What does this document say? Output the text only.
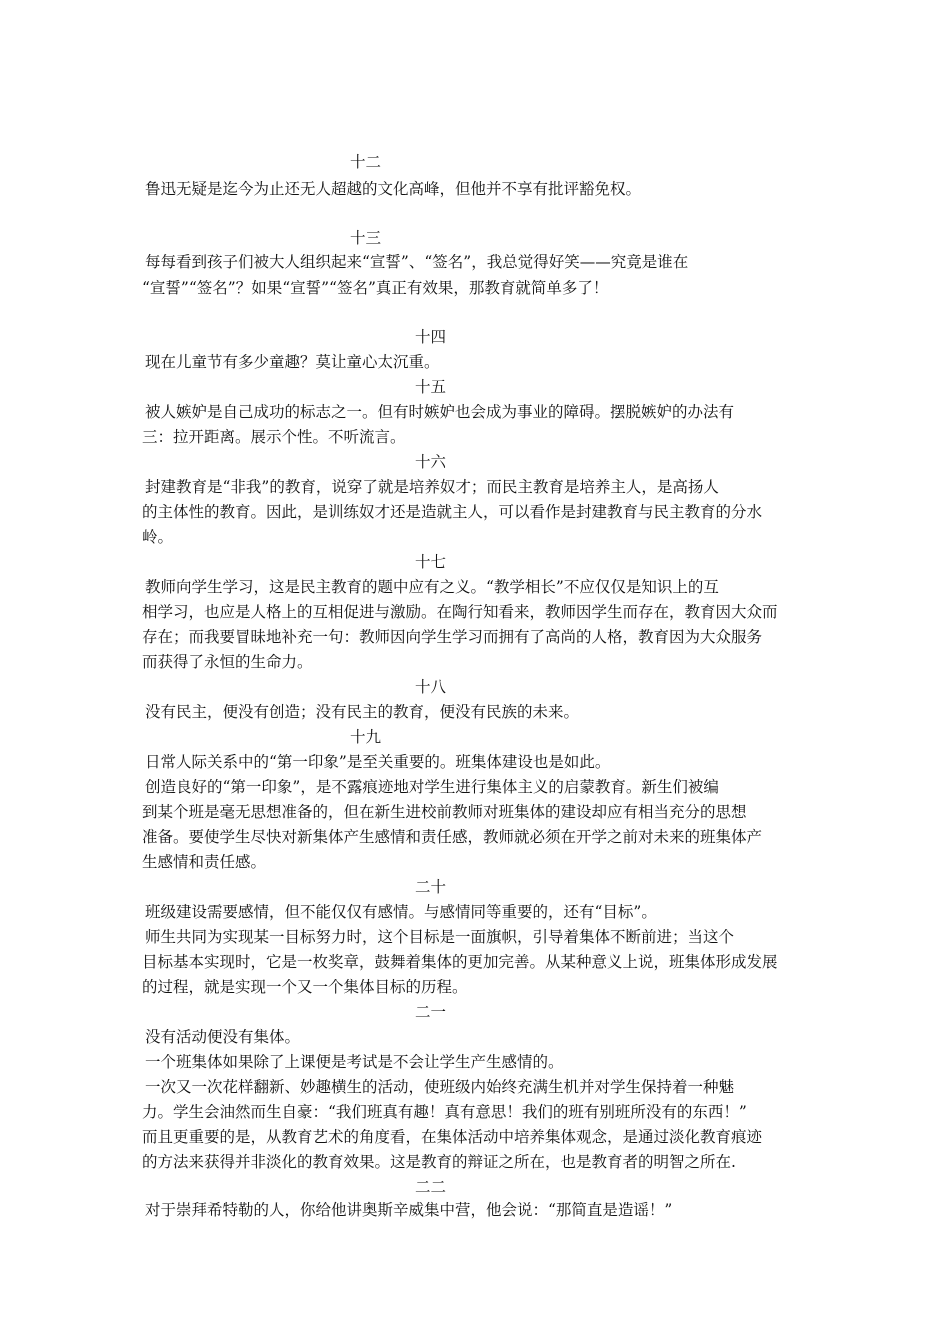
十二
鲁迅无疑是迄今为止还无人超越的文化高峰，但他并不享有批评豁免权。
十三
每每看到孩子们被大人组织起来“宣誓”、“签名”，我总觉得好笑——究竟是谁在
“宣誓”“签名”？如果“宣誓”“签名”真正有效果，那教育就简单多了！
十四
现在儿童节有多少童趣？莫让童心太沉重。
十五
被人嫉妒是自己成功的标志之一。但有时嫉妒也会成为事业的障碍。摆脱嫉妒的办法有
三：拉开距离。展示个性。不听流言。
十六
封建教育是“非我”的教育，说穿了就是培养奴才；而民主教育是培养主人，是高扬人
的主体性的教育。因此，是训练奴才还是造就主人，可以看作是封建教育与民主教育的分水
岭。
十七
教师向学生学习，这是民主教育的题中应有之义。“教学相长”不应仅仅是知识上的互
相学习，也应是人格上的互相促进与激励。在陶行知看来，教师因学生而存在，教育因大众而
存在；而我要冒昧地补充一句：教师因向学生学习而拥有了高尚的人格，教育因为大众服务
而获得了永恒的生命力。
十八
没有民主，便没有创造；没有民主的教育，便没有民族的未来。
十九
日常人际关系中的“第一印象”是至关重要的。班集体建设也是如此。
创造良好的“第一印象”，是不露痕迹地对学生进行集体主义的启蒙教育。新生们被编
到某个班是毫无思想准备的，但在新生进校前教师对班集体的建设却应有相当充分的思想
准备。要使学生尽快对新集体产生感情和责任感，教师就必须在开学之前对未来的班集体产
生感情和责任感。
二十
班级建设需要感情，但不能仅仅有感情。与感情同等重要的，还有“目标”。
师生共同为实现某一目标努力时，这个目标是一面旗帜，引导着集体不断前进；当这个
目标基本实现时，它是一枚奖章，鼓舞着集体的更加完善。从某种意义上说，班集体形成发展
的过程，就是实现一个又一个集体目标的历程。
二一
没有活动便没有集体。
一个班集体如果除了上课便是考试是不会让学生产生感情的。
一次又一次花样翻新、妙趣横生的活动，使班级内始终充满生机并对学生保持着一种魅
力。学生会油然而生自豪：“我们班真有趣！真有意思！我们的班有别班所没有的东西！”
而且更重要的是，从教育艺术的角度看，在集体活动中培养集体观念，是通过淡化教育痕迹
的方法来获得并非淡化的教育效果。这是教育的辩证之所在，也是教育者的明智之所在.
二二
对于崇拜希特勒的人，你给他讲奥斯辛威集中营，他会说：“那简直是造谣！”
